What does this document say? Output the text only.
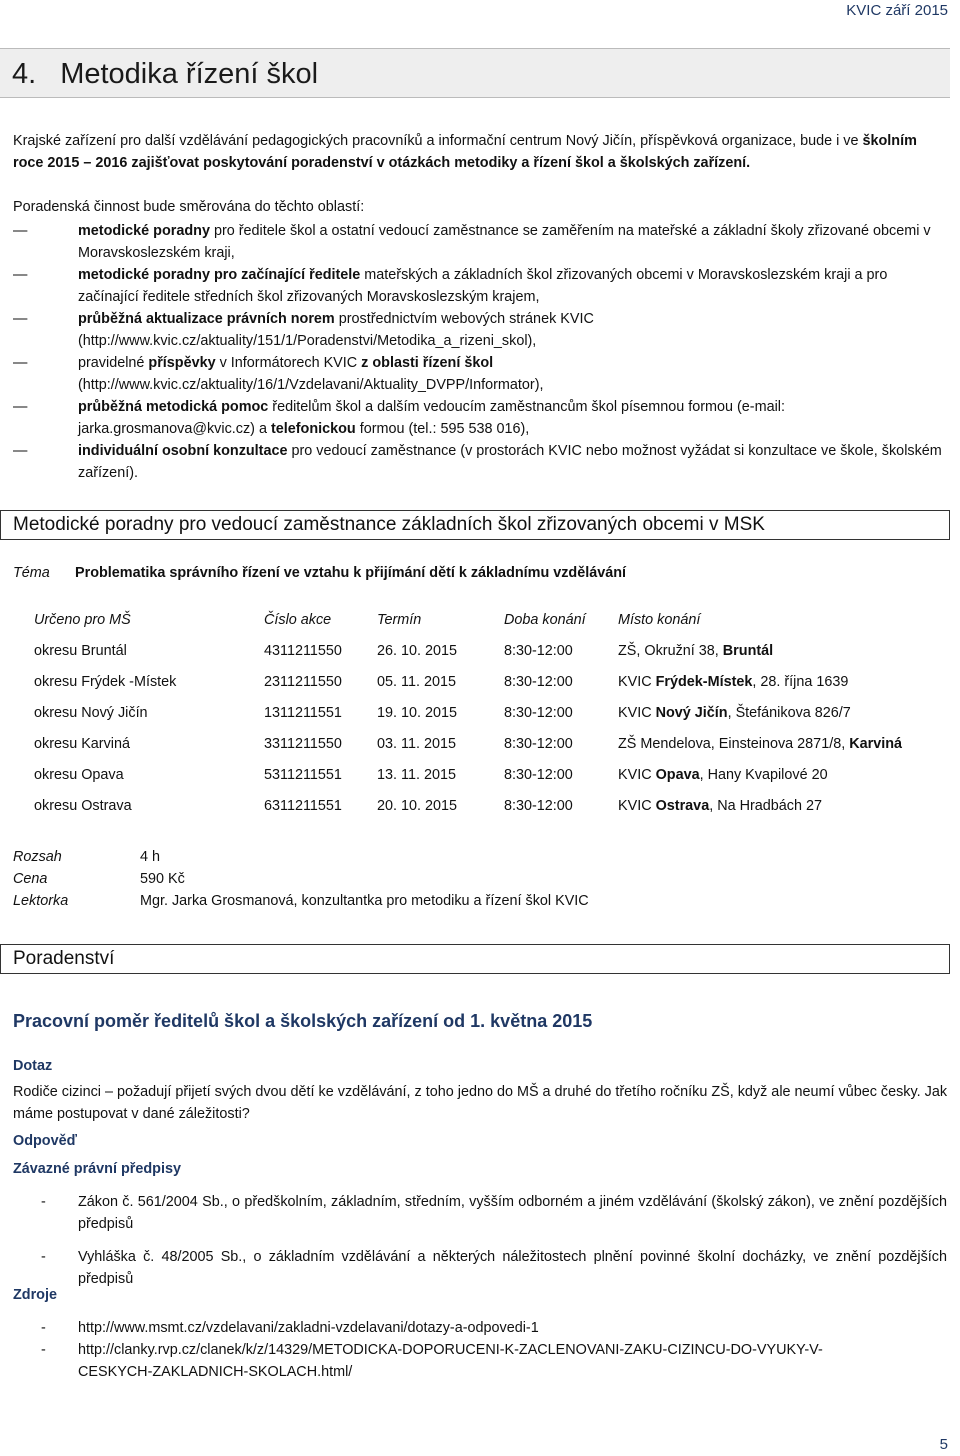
KVIC září 2015
4. Metodika řízení škol
Krajské zařízení pro další vzdělávání pedagogických pracovníků a informační centrum Nový Jičín, příspěvková organizace, bude i ve školním roce 2015 – 2016 zajišťovat poskytování poradenství v otázkách metodiky a řízení škol a školských zařízení.
Poradenská činnost bude směrována do těchto oblastí:
— metodické poradny pro ředitele škol a ostatní vedoucí zaměstnance se zaměřením na mateřské a základní školy zřizované obcemi v Moravskoslezském kraji,
— metodické poradny pro začínající ředitele mateřských a základních škol zřizovaných obcemi v Moravskoslezském kraji a pro začínající ředitele středních škol zřizovaných Moravskoslezským krajem,
— průběžná aktualizace právních norem prostřednictvím webových stránek KVIC (http://www.kvic.cz/aktuality/151/1/Poradenstvi/Metodika_a_rizeni_skol),
— pravidelné příspěvky v Informátorech KVIC z oblasti řízení škol (http://www.kvic.cz/aktuality/16/1/Vzdelavani/Aktuality_DVPP/Informator),
— průběžná metodická pomoc ředitelům škol a dalším vedoucím zaměstnancům škol písemnou formou (e-mail: jarka.grosmanova@kvic.cz) a telefonickou formou (tel.: 595 538 016),
— individuální osobní konzultace pro vedoucí zaměstnance (v prostorách KVIC nebo možnost vyžádat si konzultace ve škole, školském zařízení).
Metodické poradny pro vedoucí zaměstnance základních škol zřizovaných obcemi v MSK
Téma Problematika správního řízení ve vztahu k přijímání dětí k základnímu vzdělávání
Určeno pro MŠ	Číslo akce	Termín	Doba konání	Místo konání
okresu Bruntál	4311211550	26. 10. 2015	8:30-12:00	ZŠ, Okružní 38, Bruntál
okresu Frýdek -Místek	2311211550	05. 11. 2015	8:30-12:00	KVIC Frýdek-Místek, 28. října 1639
okresu Nový Jičín	1311211551	19. 10. 2015	8:30-12:00	KVIC Nový Jičín, Štefánikova 826/7
okresu Karviná	3311211550	03. 11. 2015	8:30-12:00	ZŠ Mendelova, Einsteinova 2871/8, Karviná
okresu Opava	5311211551	13. 11. 2015	8:30-12:00	KVIC Opava, Hany Kvapilové 20
okresu Ostrava	6311211551	20. 10. 2015	8:30-12:00	KVIC Ostrava, Na Hradbách 27
Rozsah	4 h
Cena	590 Kč
Lektorka	Mgr. Jarka Grosmanová, konzultantka pro metodiku a řízení škol KVIC
Poradenství
Pracovní poměr ředitelů škol a školských zařízení od 1. května 2015
Dotaz
Rodiče cizinci – požadují přijetí svých dvou dětí ke vzdělávání, z toho jedno do MŠ a druhé do třetího ročníku ZŠ, když ale neumí vůbec česky. Jak máme postupovat v dané záležitosti?
Odpověď
Závazné právní předpisy
- Zákon č. 561/2004 Sb., o předškolním, základním, středním, vyšším odborném a jiném vzdělávání (školský zákon), ve znění pozdějších předpisů
- Vyhláška č. 48/2005 Sb., o základním vzdělávání a některých náležitostech plnění povinné školní docházky, ve znění pozdějších předpisů
Zdroje
- http://www.msmt.cz/vzdelavani/zakladni-vzdelavani/dotazy-a-odpovedi-1
- http://clanky.rvp.cz/clanek/k/z/14329/METODICKA-DOPORUCENI-K-ZACLENOVANI-ZAKU-CIZINCU-DO-VYUKY-V-CESKYCH-ZAKLADNICH-SKOLACH.html/
5
